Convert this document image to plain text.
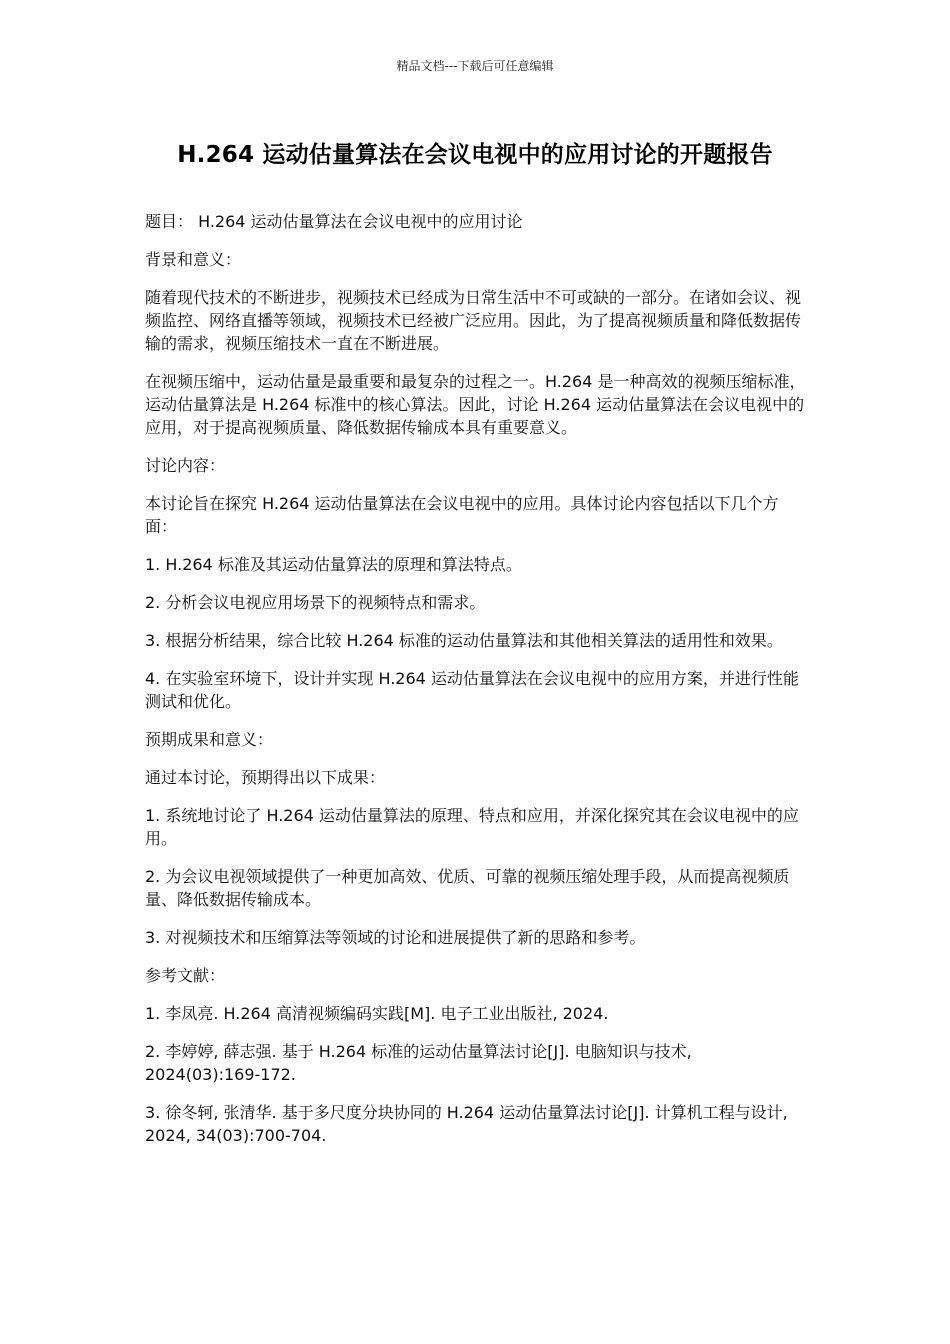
精品文档---下载后可任意编辑
H.264 运动估量算法在会议电视中的应用讨论的开题报告

题目： H.264 运动估量算法在会议电视中的应用讨论

背景和意义：

随着现代技术的不断进步，视频技术已经成为日常生活中不可或缺的一部分。在诸如会议、视频监控、网络直播等领域，视频技术已经被广泛应用。因此，为了提高视频质量和降低数据传输的需求，视频压缩技术一直在不断进展。

在视频压缩中，运动估量是最重要和最复杂的过程之一。H.264 是一种高效的视频压缩标准，运动估量算法是 H.264 标准中的核心算法。因此，讨论 H.264 运动估量算法在会议电视中的应用，对于提高视频质量、降低数据传输成本具有重要意义。

讨论内容：

本讨论旨在探究 H.264 运动估量算法在会议电视中的应用。具体讨论内容包括以下几个方面：

1. H.264 标准及其运动估量算法的原理和算法特点。

2. 分析会议电视应用场景下的视频特点和需求。

3. 根据分析结果，综合比较 H.264 标准的运动估量算法和其他相关算法的适用性和效果。

4. 在实验室环境下，设计并实现 H.264 运动估量算法在会议电视中的应用方案，并进行性能测试和优化。

预期成果和意义：

通过本讨论，预期得出以下成果：

1. 系统地讨论了 H.264 运动估量算法的原理、特点和应用，并深化探究其在会议电视中的应用。

2. 为会议电视领域提供了一种更加高效、优质、可靠的视频压缩处理手段，从而提高视频质量、降低数据传输成本。

3. 对视频技术和压缩算法等领域的讨论和进展提供了新的思路和参考。

参考文献：

1. 李凤亮. H.264 高清视频编码实践[M]. 电子工业出版社, 2024.

2. 李婷婷, 薛志强. 基于 H.264 标准的运动估量算法讨论[J]. 电脑知识与技术, 2024(03):169-172.

3. 徐冬轲, 张清华. 基于多尺度分块协同的 H.264 运动估量算法讨论[J]. 计算机工程与设计, 2024, 34(03):700-704.
